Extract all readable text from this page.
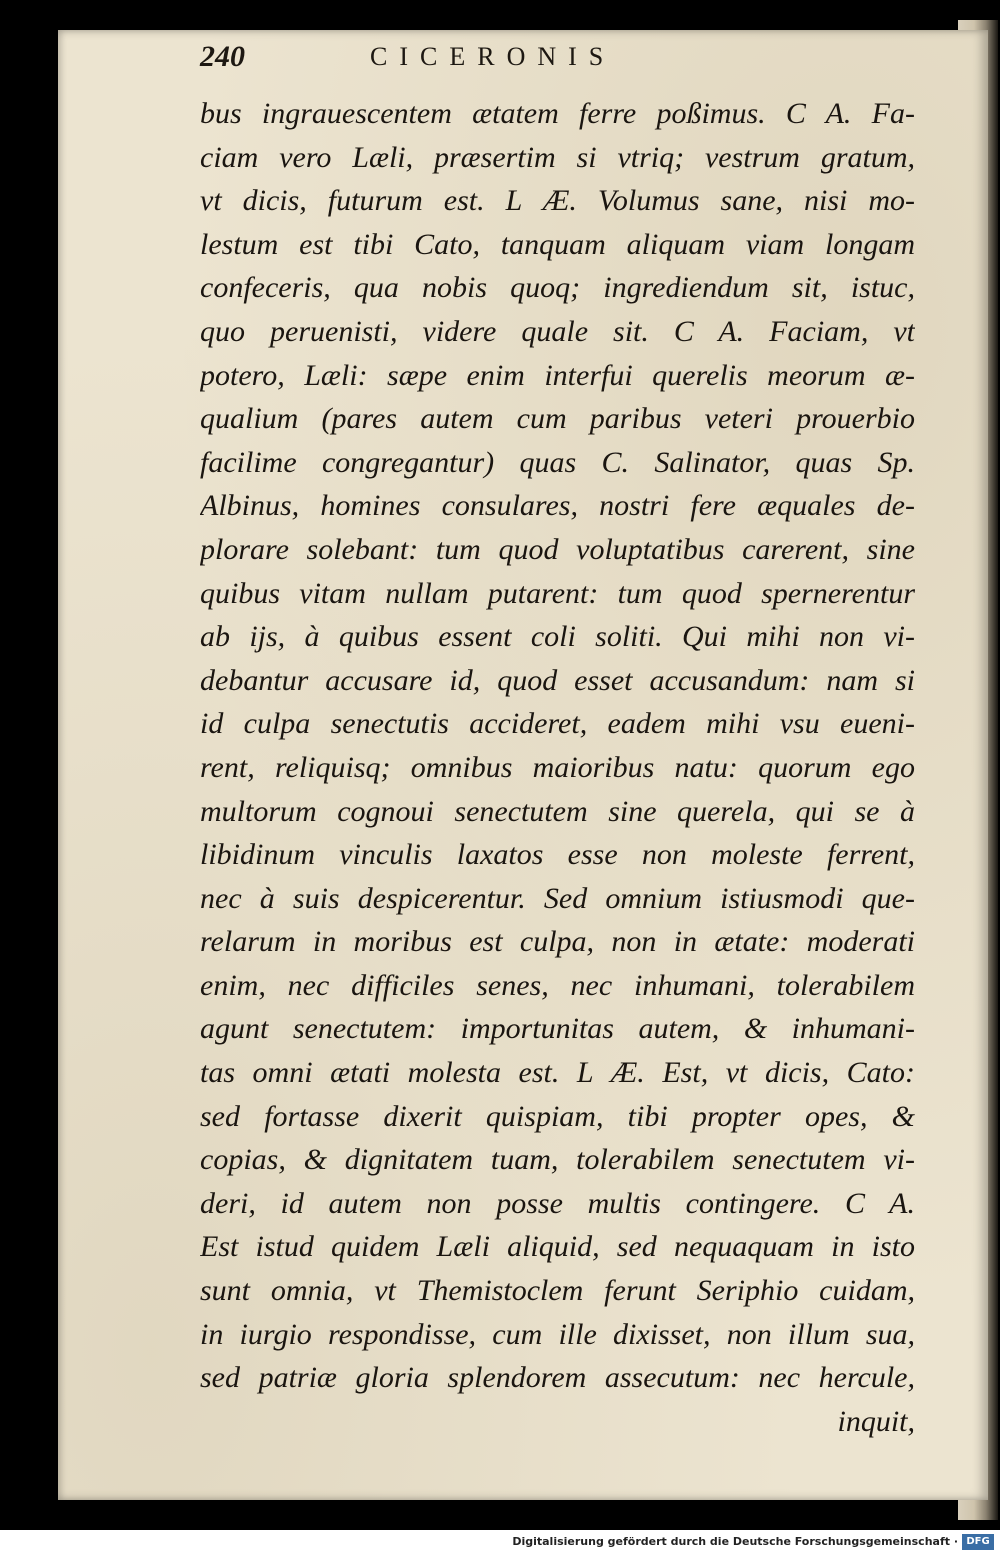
240	CICERONIS
bus ingrauescentem ætatem ferre poßimus. C A. Fa-
ciam vero Læli, præsertim si vtriq; vestrum gratum,
vt dicis, futurum est. L Æ. Volumus sane, nisi mo-
lestum est tibi Cato, tanquam aliquam viam longam
confeceris, qua nobis quoq; ingrediendum sit, istuc,
quo peruenisti, videre quale sit. C A. Faciam, vt
potero, Læli: sæpe enim interfui querelis meorum æ-
qualium (pares autem cum paribus veteri prouerbio
facilime congregantur) quas C. Salinator, quas Sp.
Albinus, homines consulares, nostri fere æquales de-
plorare solebant: tum quod voluptatibus carerent, sine
quibus vitam nullam putarent: tum quod spernerentur
ab ijs, à quibus essent coli soliti. Qui mihi non vi-
debantur accusare id, quod esset accusandum: nam si
id culpa senectutis accideret, eadem mihi vsu eueni-
rent, reliquisq; omnibus maioribus natu: quorum ego
multorum cognoui senectutem sine querela, qui se à
libidinum vinculis laxatos esse non moleste ferrent,
nec à suis despicerentur. Sed omnium istiusmodi que-
relarum in moribus est culpa, non in ætate: moderati
enim, nec difficiles senes, nec inhumani, tolerabilem
agunt senectutem: importunitas autem, & inhumani-
tas omni ætati molesta est. L Æ. Est, vt dicis, Cato:
sed fortasse dixerit quispiam, tibi propter opes, &
copias, & dignitatem tuam, tolerabilem senectutem vi-
deri, id autem non posse multis contingere. C A.
Est istud quidem Læli aliquid, sed nequaquam in isto
sunt omnia, vt Themistoclem ferunt Seriphio cuidam,
in iurgio respondisse, cum ille dixisset, non illum sua,
sed patriæ gloria splendorem assecutum: nec hercule,
inquit,
Digitalisierung gefördert durch die Deutsche Forschungsgemeinschaft · DFG
